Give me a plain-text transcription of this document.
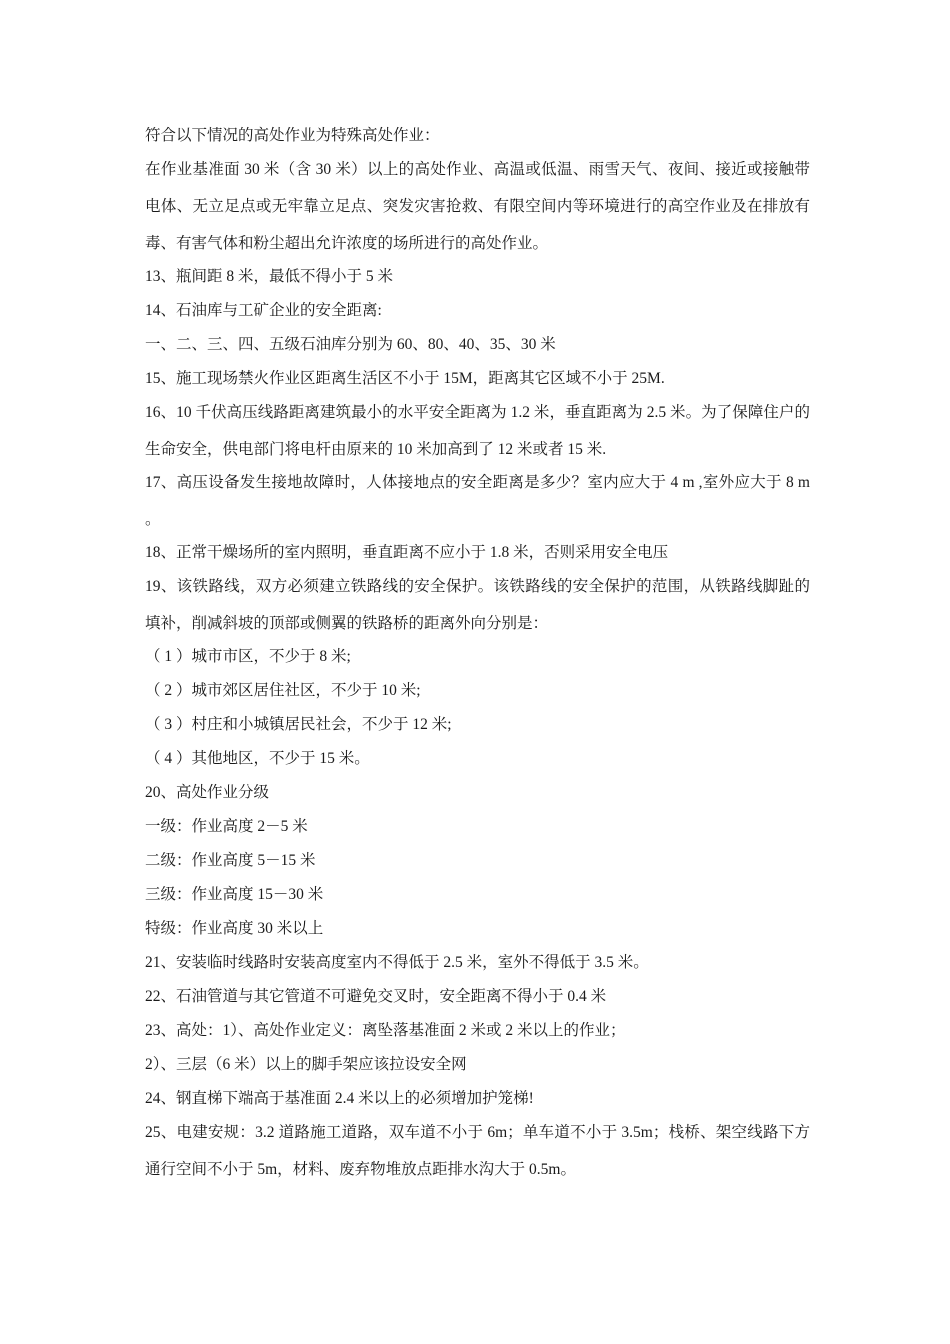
符合以下情况的高处作业为特殊高处作业：
在作业基准面 30 米（含 30 米）以上的高处作业、高温或低温、雨雪天气、夜间、接近或接触带电体、无立足点或无牢靠立足点、突发灾害抢救、有限空间内等环境进行的高空作业及在排放有毒、有害气体和粉尘超出允许浓度的场所进行的高处作业。
13、瓶间距 8 米，最低不得小于 5 米
14、石油库与工矿企业的安全距离:
一、二、三、四、五级石油库分别为 60、80、40、35、30 米
15、施工现场禁火作业区距离生活区不小于 15M，距离其它区域不小于 25M.
16、10 千伏高压线路距离建筑最小的水平安全距离为 1.2 米，垂直距离为 2.5 米。为了保障住户的生命安全，供电部门将电杆由原来的 10 米加高到了 12 米或者 15 米.
17、高压设备发生接地故障时，人体接地点的安全距离是多少？室内应大于 4 m ,室外应大于 8 m 。
18、正常干燥场所的室内照明，垂直距离不应小于 1.8 米，否则采用安全电压
19、该铁路线，双方必须建立铁路线的安全保护。该铁路线的安全保护的范围，从铁路线脚趾的填补，削减斜坡的顶部或侧翼的铁路桥的距离外向分别是：
（ 1 ）城市市区，不少于 8 米;
（ 2 ）城市郊区居住社区，不少于 10 米;
（ 3 ）村庄和小城镇居民社会，不少于 12 米;
（ 4 ）其他地区，不少于 15 米。
20、高处作业分级
一级：作业高度 2－5 米
二级：作业高度 5－15 米
三级：作业高度 15－30 米
特级：作业高度 30 米以上
21、安装临时线路时安装高度室内不得低于 2.5 米，室外不得低于 3.5 米。
22、石油管道与其它管道不可避免交叉时，安全距离不得小于 0.4 米
23、高处：1）、高处作业定义：离坠落基准面 2 米或 2 米以上的作业；
2）、三层（6 米）以上的脚手架应该拉设安全网
24、钢直梯下端高于基准面 2.4 米以上的必须增加护笼梯!
25、电建安规：3.2 道路施工道路，双车道不小于 6m；单车道不小于 3.5m；栈桥、架空线路下方通行空间不小于 5m，材料、废弃物堆放点距排水沟大于 0.5m。
